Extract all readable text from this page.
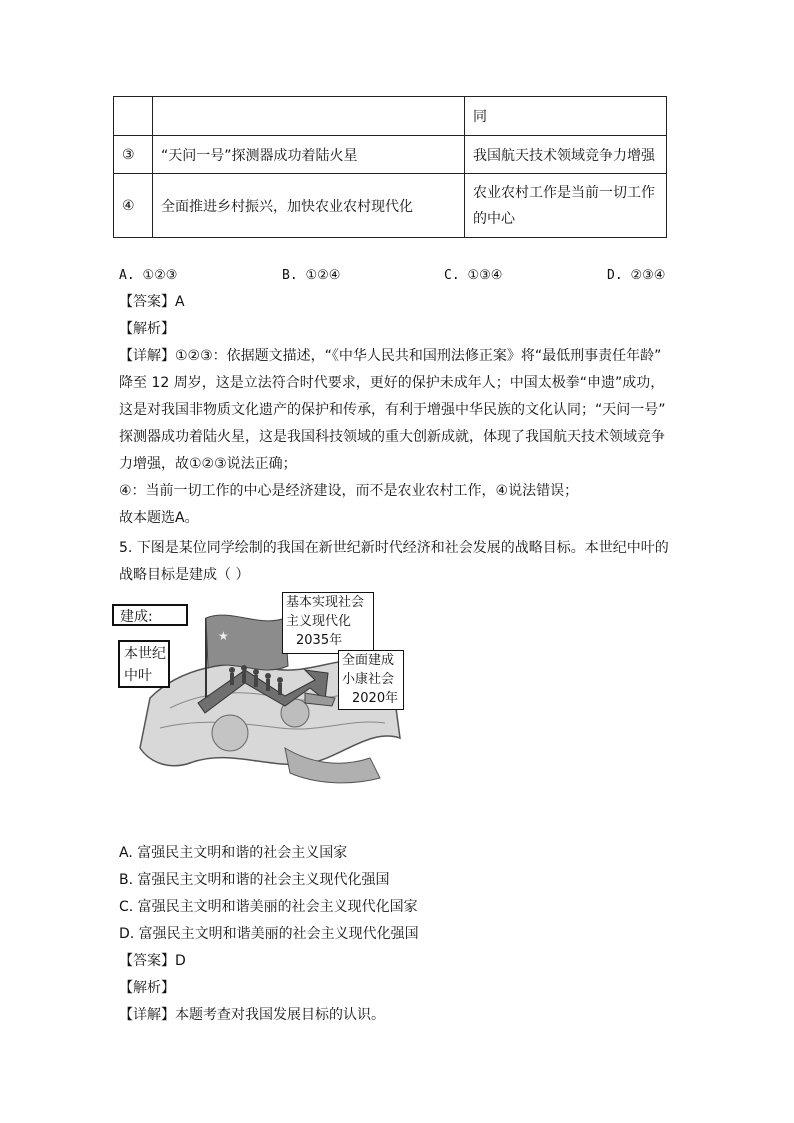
		同
③	“天问一号”探测器成功着陆火星	我国航天技术领域竞争力增强
④	全面推进乡村振兴，加快农业农村现代化	农业农村工作是当前一切工作的中心
A. ①②③	B. ①②④	C. ①③④	D. ②③④
【答案】A
【解析】
【详解】①②③：依据题文描述，“《中华人民共和国刑法修正案》将“最低刑事责任年龄”
降至 12 周岁，这是立法符合时代要求，更好的保护未成年人；中国太极拳“申遗”成功，
这是对我国非物质文化遗产的保护和传承，有利于增强中华民族的文化认同；“天问一号”
探测器成功着陆火星，这是我国科技领域的重大创新成就，体现了我国航天技术领域竞争
力增强，故①②③说法正确；
④：当前一切工作的中心是经济建设，而不是农业农村工作，④说法错误；
故本题选A。
5. 下图是某位同学绘制的我国在新世纪新时代经济和社会发展的战略目标。本世纪中叶的
战略目标是建成（ ）
★
建成:
本世纪
中叶
基本实现社会
主义现代化
2035年
全面建成
小康社会
2020年
A. 富强民主文明和谐的社会主义国家
B. 富强民主文明和谐的社会主义现代化强国
C. 富强民主文明和谐美丽的社会主义现代化国家
D. 富强民主文明和谐美丽的社会主义现代化强国
【答案】D
【解析】
【详解】本题考查对我国发展目标的认识。
